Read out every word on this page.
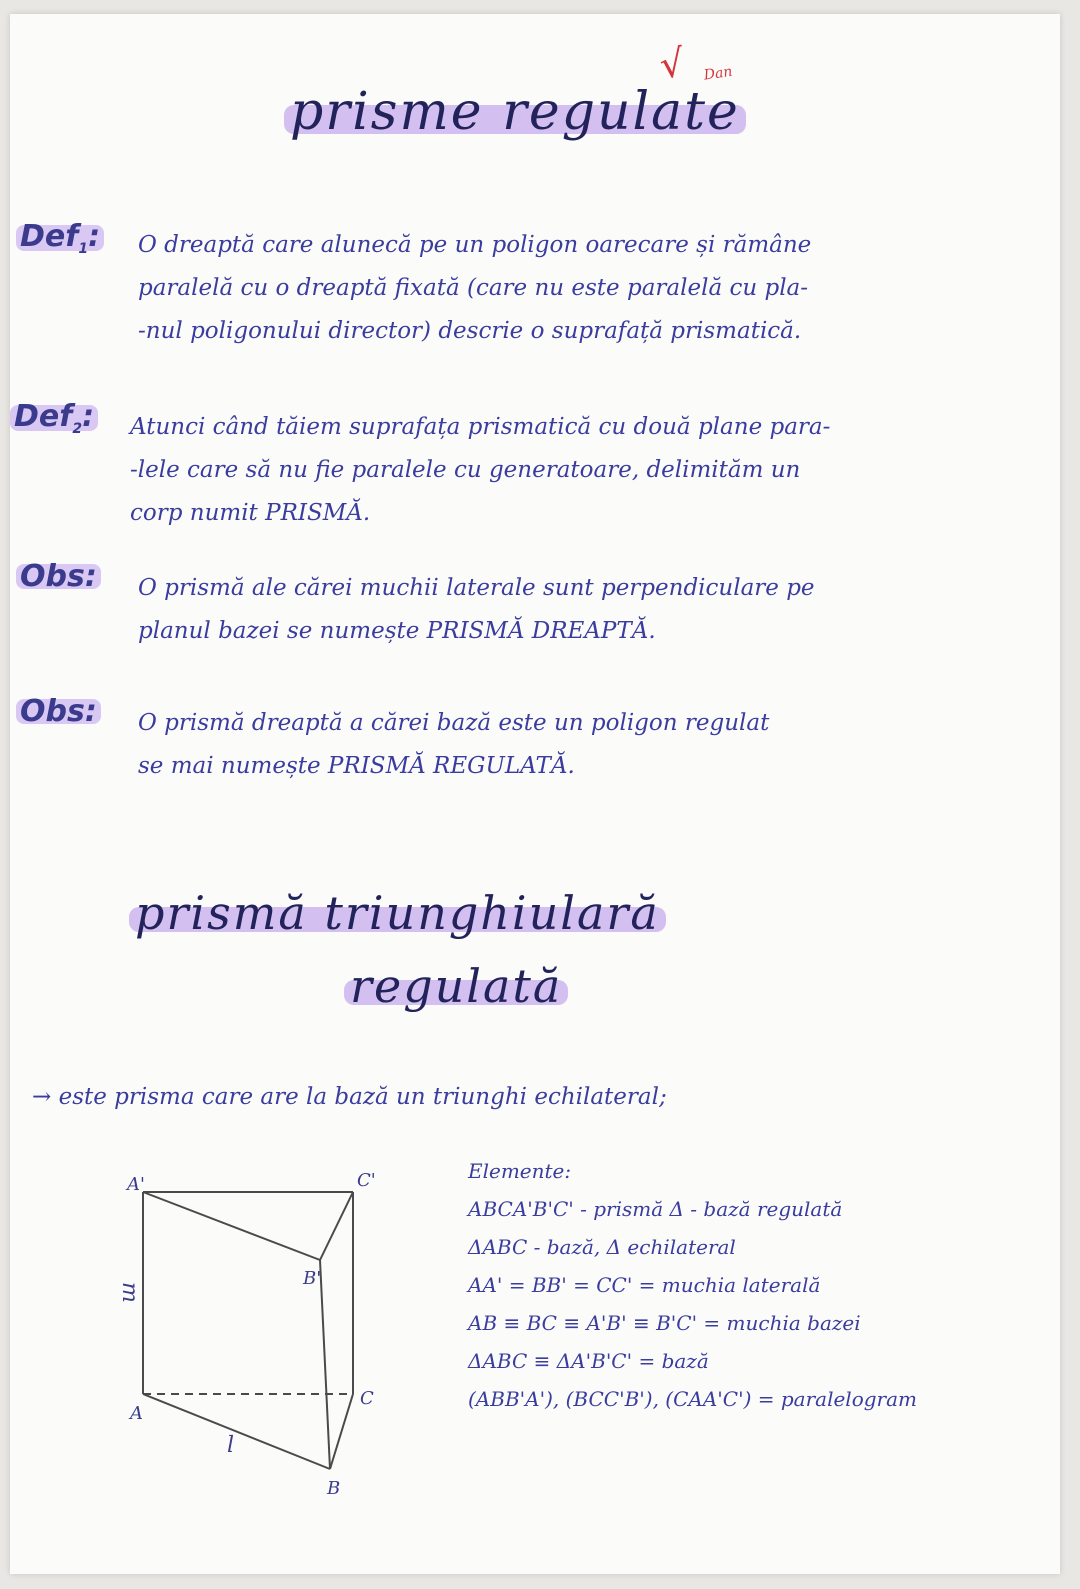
√ Dan
prisme regulate
Def$_1$: O dreaptă care alunecă pe un poligon oarecare și rămâne
paralelă cu o dreaptă fixată (care nu este paralelă cu pla-
-nul poligonului director) descrie o suprafață prismatică.
Def$_2$: Atunci când tăiem suprafața prismatică cu două plane para-
-lele care să nu fie paralele cu generatoare, delimităm un
corp numit PRISMĂ.
Obs: O prismă ale cărei muchii laterale sunt perpendiculare pe
planul bazei se numește PRISMĂ DREAPTĂ.
Obs: O prismă dreaptă a cărei bază este un poligon regulat
se mai numește PRISMĂ REGULATĂ.
prismă triunghiulară
regulată
→ este prisma care are la bază un triunghi echilateral;
A'	C'
B'
A
C
B
m
l
Elemente:
ABCA'B'C' - prismă Δ - bază regulată
ΔABC - bază, Δ echilateral
AA' = BB' = CC' = muchia laterală
AB ≡ BC ≡ A'B' ≡ B'C' = muchia bazei
ΔABC ≡ ΔA'B'C' = bază
(ABB'A'), (BCC'B'), (CAA'C') = paralelogram
